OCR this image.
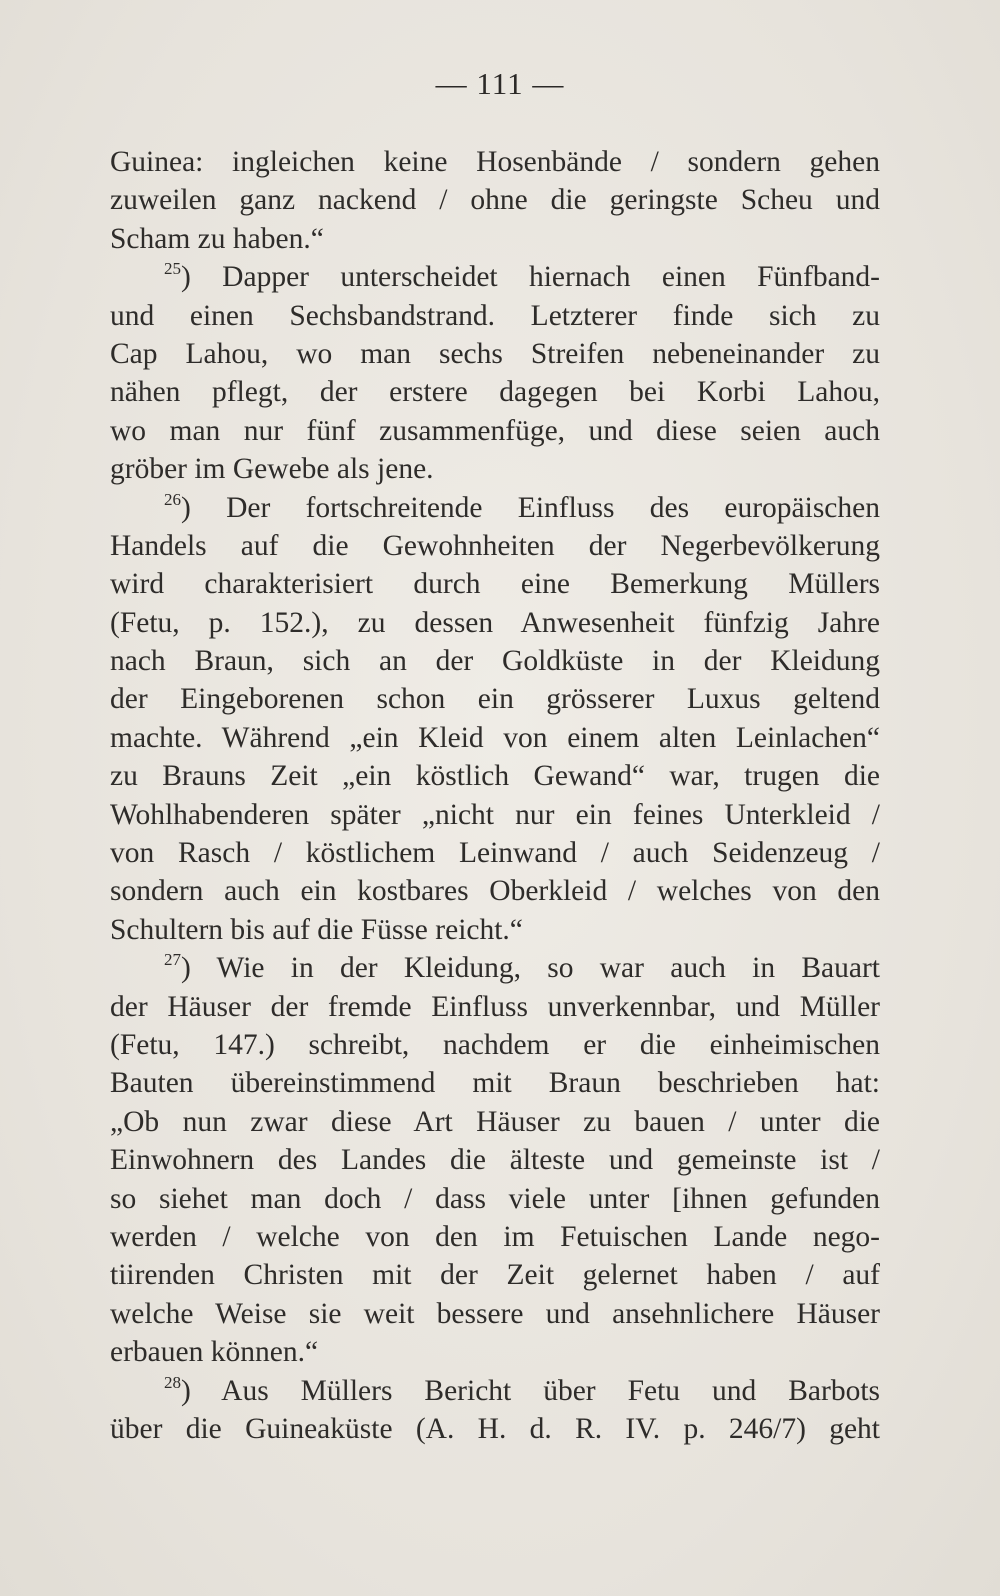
— 111 —
Guinea: ingleichen keine Hosenbände / sondern gehen
zuweilen ganz nackend / ohne die geringste Scheu und
Scham zu haben.“
$^{25}$) Dapper unterscheidet hiernach einen Fünfband-
und einen Sechsbandstrand. Letzterer finde sich zu
Cap Lahou, wo man sechs Streifen nebeneinander zu
nähen pflegt, der erstere dagegen bei Korbi Lahou,
wo man nur fünf zusammenfüge, und diese seien auch
gröber im Gewebe als jene.
$^{26}$) Der fortschreitende Einfluss des europäischen
Handels auf die Gewohnheiten der Negerbevölkerung
wird charakterisiert durch eine Bemerkung Müllers
(Fetu, p. 152.), zu dessen Anwesenheit fünfzig Jahre
nach Braun, sich an der Goldküste in der Kleidung
der Eingeborenen schon ein grösserer Luxus geltend
machte. Während „ein Kleid von einem alten Leinlachen“
zu Brauns Zeit „ein köstlich Gewand“ war, trugen die
Wohlhabenderen später „nicht nur ein feines Unterkleid /
von Rasch / köstlichem Leinwand / auch Seidenzeug /
sondern auch ein kostbares Oberkleid / welches von den
Schultern bis auf die Füsse reicht.“
$^{27}$) Wie in der Kleidung, so war auch in Bauart
der Häuser der fremde Einfluss unverkennbar, und Müller
(Fetu, 147.) schreibt, nachdem er die einheimischen
Bauten übereinstimmend mit Braun beschrieben hat:
„Ob nun zwar diese Art Häuser zu bauen / unter die
Einwohnern des Landes die älteste und gemeinste ist /
so siehet man doch / dass viele unter [ihnen gefunden
werden / welche von den im Fetuischen Lande nego-
tiirenden Christen mit der Zeit gelernet haben / auf
welche Weise sie weit bessere und ansehnlichere Häuser
erbauen können.“
$^{28}$) Aus Müllers Bericht über Fetu und Barbots
über die Guineaküste (A. H. d. R. IV. p. 246/7) geht
